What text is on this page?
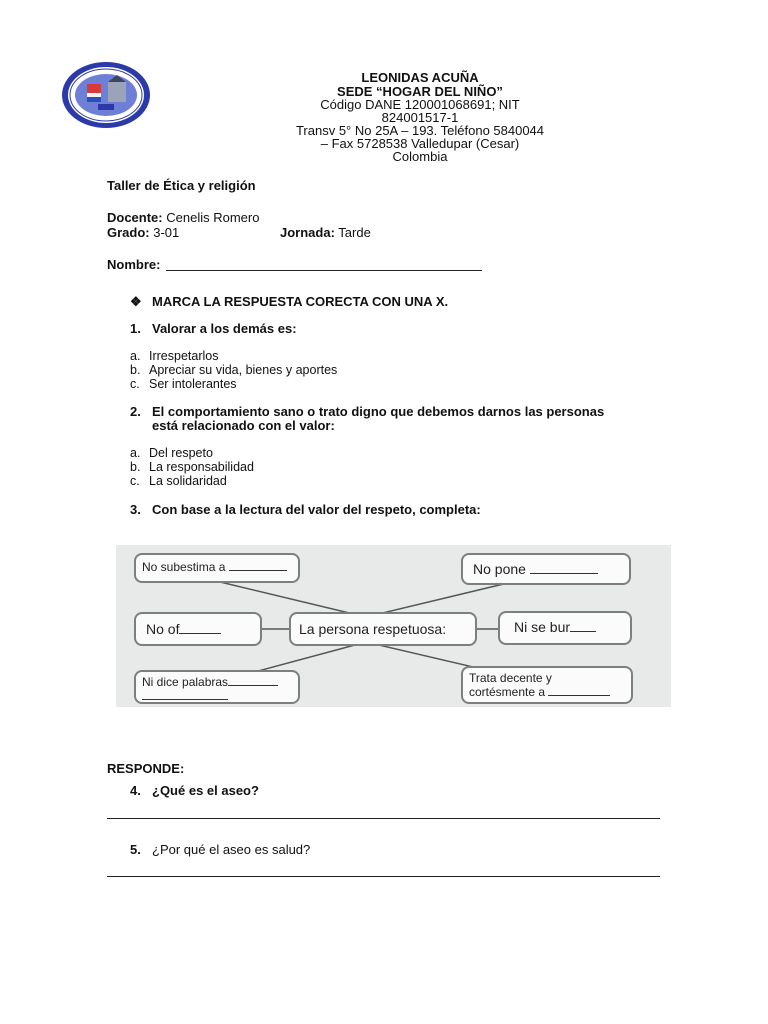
LEONIDAS ACUÑA
SEDE “HOGAR DEL NIÑO”
Código DANE 120001068691; NIT
824001517-1
Transv 5° No 25A – 193. Teléfono 5840044
– Fax 5728538 Valledupar (Cesar)
Colombia
Taller de Ética y religión
Docente: Cenelis Romero
Grado: 3-01	Jornada: Tarde
Nombre:
❖ MARCA LA RESPUESTA CORECTA CON UNA X.
1. Valorar a los demás es:
a. Irrespetarlos
b. Apreciar su vida, bienes y aportes
c. Ser intolerantes
2. El comportamiento sano o trato digno que debemos darnos las personas
está relacionado con el valor:
a. Del respeto
b. La responsabilidad
c. La solidaridad
3. Con base a la lectura del valor del respeto, completa:
No subestima a	No pone
No of	La persona respetuosa:	Ni se bur
Ni dice palabras	Trata decente y
cortésmente a
RESPONDE:
4. ¿Qué es el aseo?
5. ¿Por qué el aseo es salud?
